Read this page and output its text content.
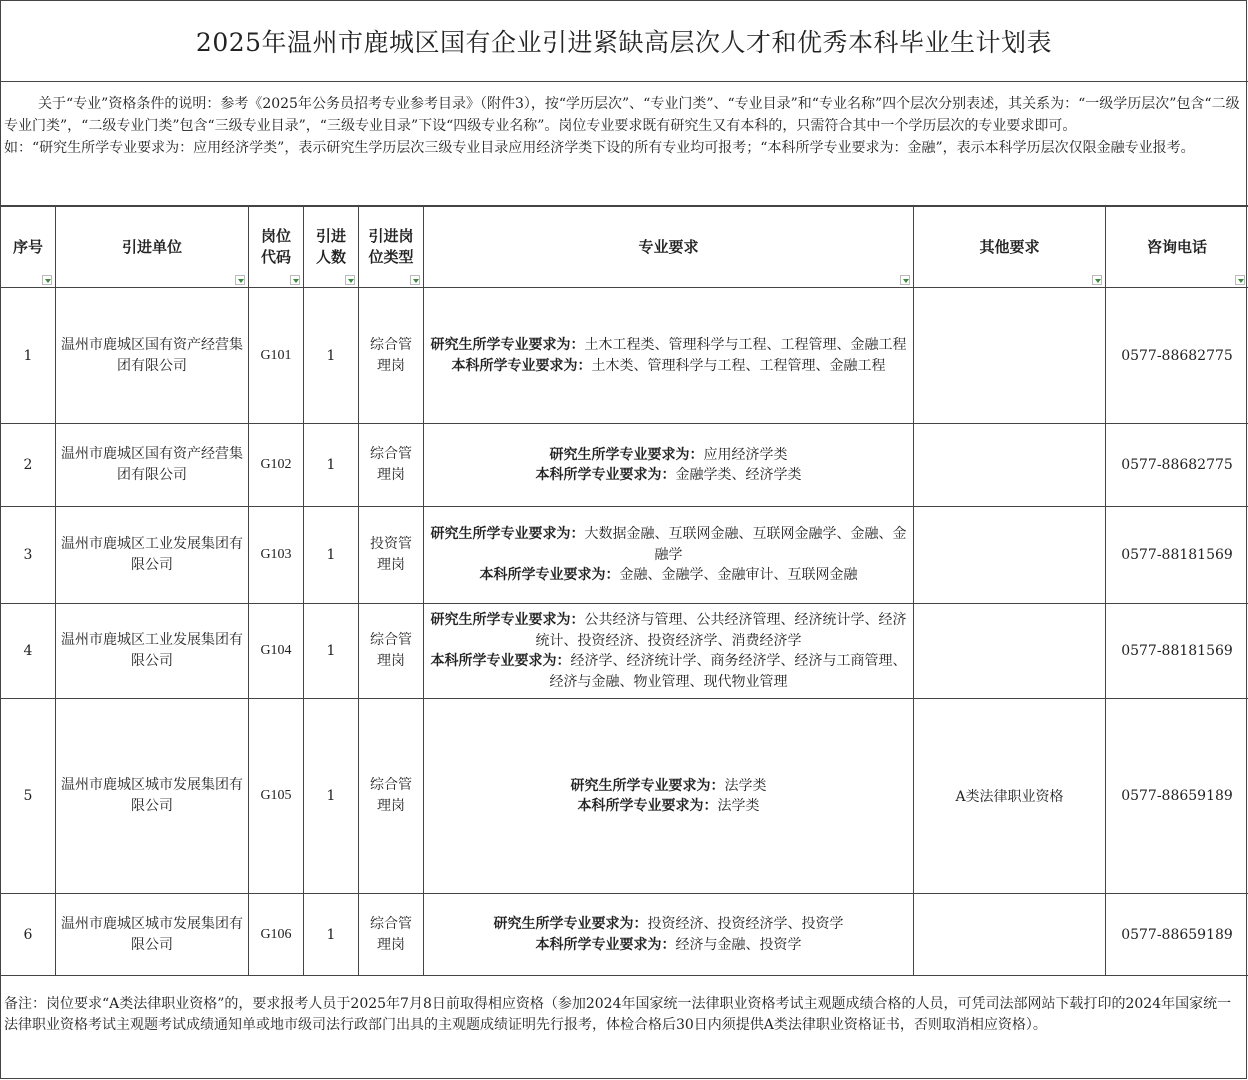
2025年温州市鹿城区国有企业引进紧缺高层次人才和优秀本科毕业生计划表

关于“专业”资格条件的说明：参考《2025年公务员招考专业参考目录》（附件3），按“学历层次”、“专业门类”、“专业目录”和“专业名称”四个层次分别表述，其关系为：“一级学历层次”包含“二级专业门类”，“二级专业门类”包含“三级专业目录”，“三级专业目录”下设“四级专业名称”。岗位专业要求既有研究生又有本科的，只需符合其中一个学历层次的专业要求即可。

如：“研究生所学专业要求为：应用经济学类”，表示研究生学历层次三级专业目录应用经济学类下设的所有专业均可报考；“本科所学专业要求为：金融”，表示本科学历层次仅限金融专业报考。

序号	引进单位	岗位代码	引进人数	引进岗位类型	专业要求	其他要求	咨询电话

1	温州市鹿城区国有资产经营集团有限公司	G101	1	综合管理岗	研究生所学专业要求为：土木工程类、管理科学与工程、工程管理、金融工程
本科所学专业要求为：土木类、管理科学与工程、工程管理、金融工程		0577-88682775
2	温州市鹿城区国有资产经营集团有限公司	G102	1	综合管理岗	研究生所学专业要求为：应用经济学类
本科所学专业要求为：金融学类、经济学类		0577-88682775
3	温州市鹿城区工业发展集团有限公司	G103	1	投资管理岗	研究生所学专业要求为：大数据金融、互联网金融、互联网金融学、金融、金融学
本科所学专业要求为：金融、金融学、金融审计、互联网金融		0577-88181569
4	温州市鹿城区工业发展集团有限公司	G104	1	综合管理岗	研究生所学专业要求为：公共经济与管理、公共经济管理、经济统计学、经济统计、投资经济、投资经济学、消费经济学
本科所学专业要求为：经济学、经济统计学、商务经济学、经济与工商管理、经济与金融、物业管理、现代物业管理		0577-88181569
5	温州市鹿城区城市发展集团有限公司	G105	1	综合管理岗	研究生所学专业要求为：法学类
本科所学专业要求为：法学类	A类法律职业资格	0577-88659189
6	温州市鹿城区城市发展集团有限公司	G106	1	综合管理岗	研究生所学专业要求为：投资经济、投资经济学、投资学
本科所学专业要求为：经济与金融、投资学		0577-88659189
备注：岗位要求“A类法律职业资格”的，要求报考人员于2025年7月8日前取得相应资格（参加2024年国家统一法律职业资格考试主观题成绩合格的人员，可凭司法部网站下载打印的2024年国家统一法律职业资格考试主观题考试成绩通知单或地市级司法行政部门出具的主观题成绩证明先行报考，体检合格后30日内须提供A类法律职业资格证书，否则取消相应资格）。
